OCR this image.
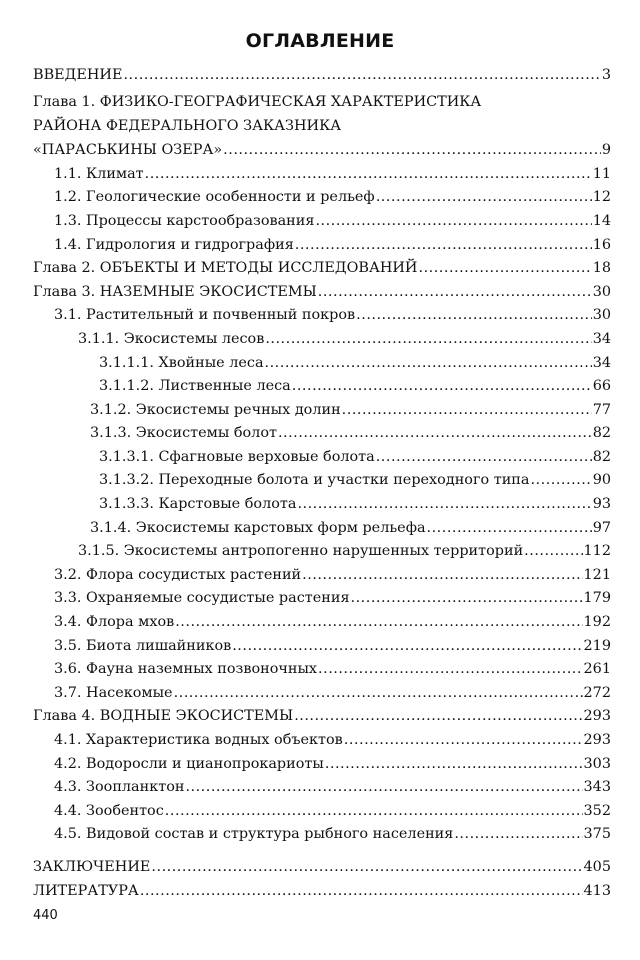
ОГЛАВЛЕНИЕ
ВВЕДЕНИЕ .....	3
Глава 1. ФИЗИКО-ГЕОГРАФИЧЕСКАЯ ХАРАКТЕРИСТИКА
РАЙОНА ФЕДЕРАЛЬНОГО ЗАКАЗНИКА
«ПАРАСЬКИНЫ ОЗЕРА» .....	9
1.1. Климат .....	11
1.2. Геологические особенности и рельеф .....	12
1.3. Процессы карстообразования .....	14
1.4. Гидрология и гидрография .....	16
Глава 2. ОБЪЕКТЫ И МЕТОДЫ ИССЛЕДОВАНИЙ .....	18
Глава 3. НАЗЕМНЫЕ ЭКОСИСТЕМЫ .....	30
3.1. Растительный и почвенный покров .....	30
3.1.1. Экосистемы лесов .....	34
3.1.1.1. Хвойные леса .....	34
3.1.1.2. Лиственные леса .....	66
3.1.2. Экосистемы речных долин .....	77
3.1.3. Экосистемы болот .....	82
3.1.3.1. Сфагновые верховые болота .....	82
3.1.3.2. Переходные болота и участки переходного типа .....	90
3.1.3.3. Карстовые болота .....	93
3.1.4. Экосистемы карстовых форм рельефа .....	97
3.1.5. Экосистемы антропогенно нарушенных территорий .....	112
3.2. Флора сосудистых растений .....	121
3.3. Охраняемые сосудистые растения .....	179
3.4. Флора мхов .....	192
3.5. Биота лишайников .....	219
3.6. Фауна наземных позвоночных .....	261
3.7. Насекомые .....	272
Глава 4. ВОДНЫЕ ЭКОСИСТЕМЫ .....	293
4.1. Характеристика водных объектов .....	293
4.2. Водоросли и цианопрокариоты .....	303
4.3. Зоопланктон .....	343
4.4. Зообентос .....	352
4.5. Видовой состав и структура рыбного населения .....	375
ЗАКЛЮЧЕНИЕ .....	405
ЛИТЕРАТУРА .....	413
440
